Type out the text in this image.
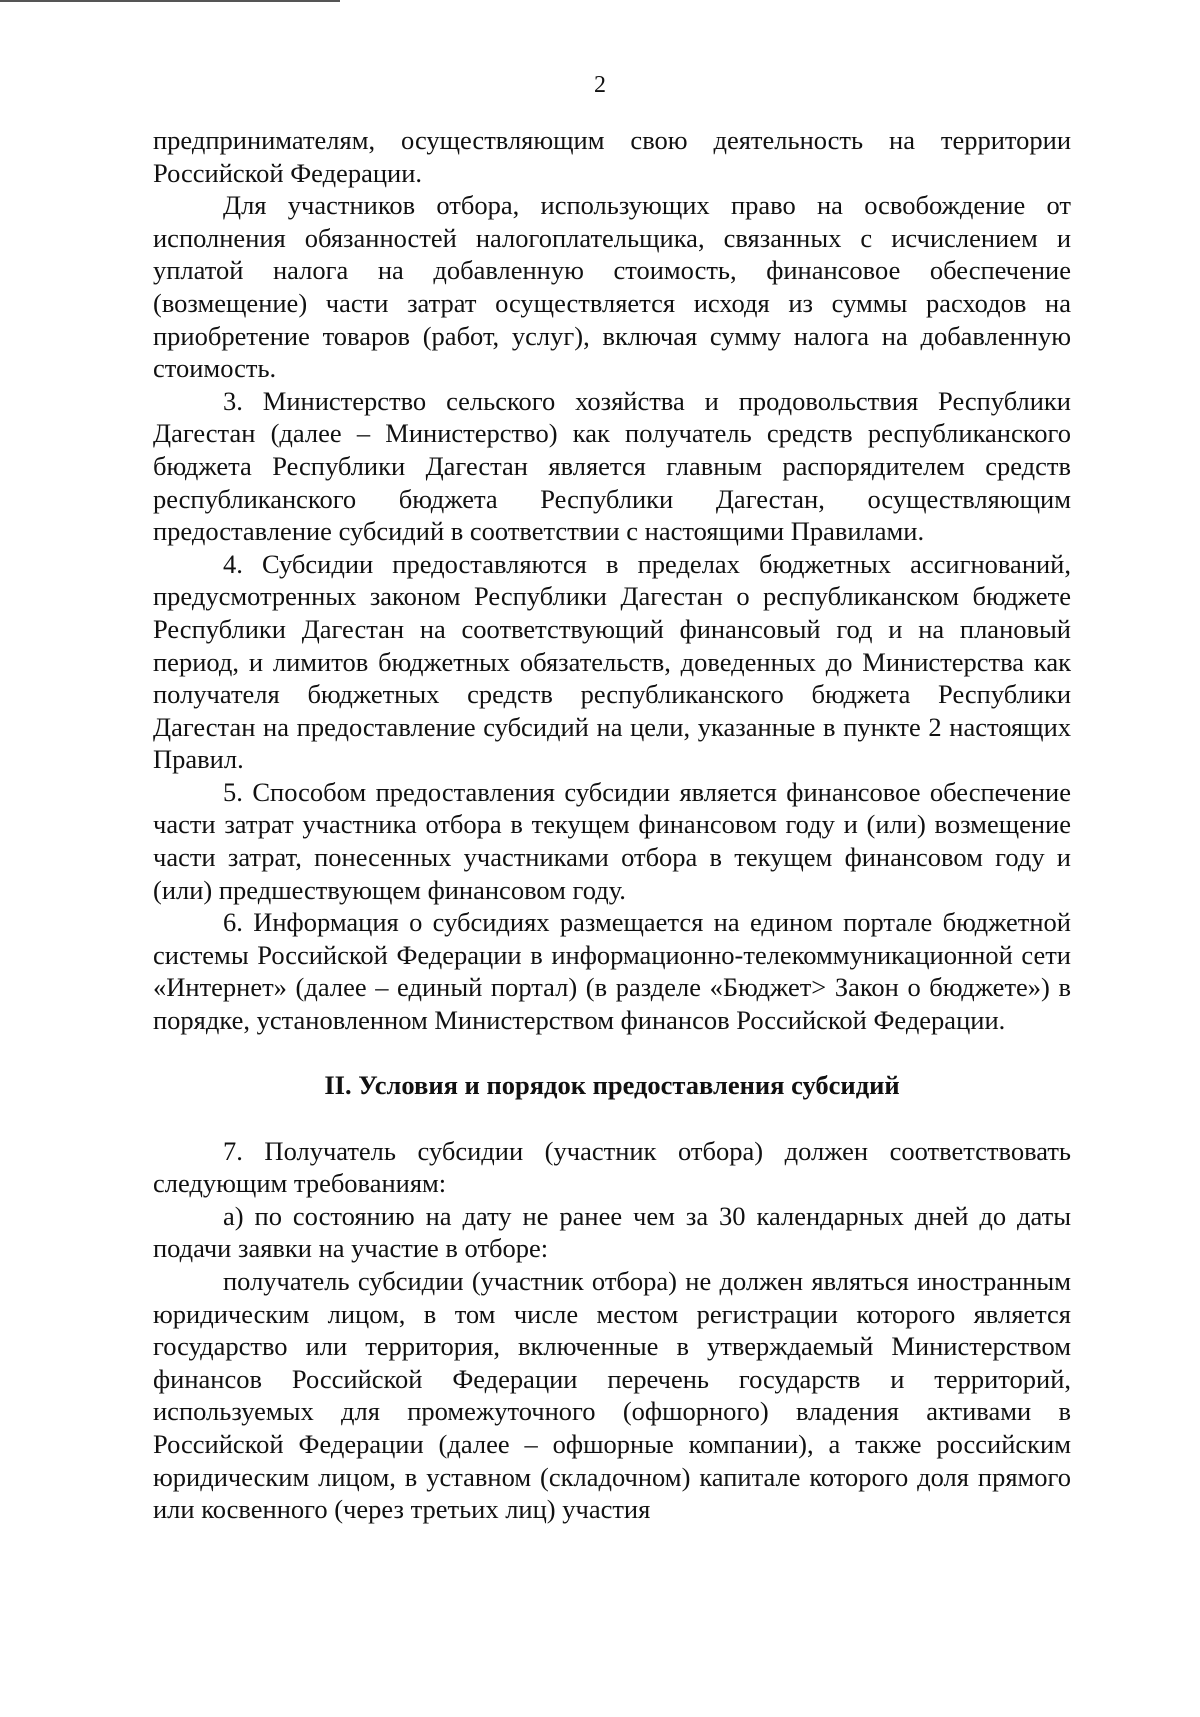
2

предпринимателям, осуществляющим свою деятельность на территории Российской Федерации.

Для участников отбора, использующих право на освобождение от исполнения обязанностей налогоплательщика, связанных с исчислением и уплатой налога на добавленную стоимость, финансовое обеспечение (возмещение) части затрат осуществляется исходя из суммы расходов на приобретение товаров (работ, услуг), включая сумму налога на добавленную стоимость.

3. Министерство сельского хозяйства и продовольствия Республики Дагестан (далее – Министерство) как получатель средств республиканского бюджета Республики Дагестан является главным распорядителем средств республиканского бюджета Республики Дагестан, осуществляющим предоставление субсидий в соответствии с настоящими Правилами.

4. Субсидии предоставляются в пределах бюджетных ассигнований, предусмотренных законом Республики Дагестан о республиканском бюджете Республики Дагестан на соответствующий финансовый год и на плановый период, и лимитов бюджетных обязательств, доведенных до Министерства как получателя бюджетных средств республиканского бюджета Республики Дагестан на предоставление субсидий на цели, указанные в пункте 2 настоящих Правил.

5. Способом предоставления субсидии является финансовое обеспечение части затрат участника отбора в текущем финансовом году и (или) возмещение части затрат, понесенных участниками отбора в текущем финансовом году и (или) предшествующем финансовом году.

6. Информация о субсидиях размещается на едином портале бюджетной системы Российской Федерации в информационно-телекоммуникационной сети «Интернет» (далее – единый портал) (в разделе «Бюджет> Закон о бюджете») в порядке, установленном Министерством финансов Российской Федерации.

II. Условия и порядок предоставления субсидий

7. Получатель субсидии (участник отбора) должен соответствовать следующим требованиям:

а) по состоянию на дату не ранее чем за 30 календарных дней до даты подачи заявки на участие в отборе:

получатель субсидии (участник отбора) не должен являться иностранным юридическим лицом, в том числе местом регистрации которого является государство или территория, включенные в утверждаемый Министерством финансов Российской Федерации перечень государств и территорий, используемых для промежуточного (офшорного) владения активами в Российской Федерации (далее – офшорные компании), а также российским юридическим лицом, в уставном (складочном) капитале которого доля прямого или косвенного (через третьих лиц) участия
